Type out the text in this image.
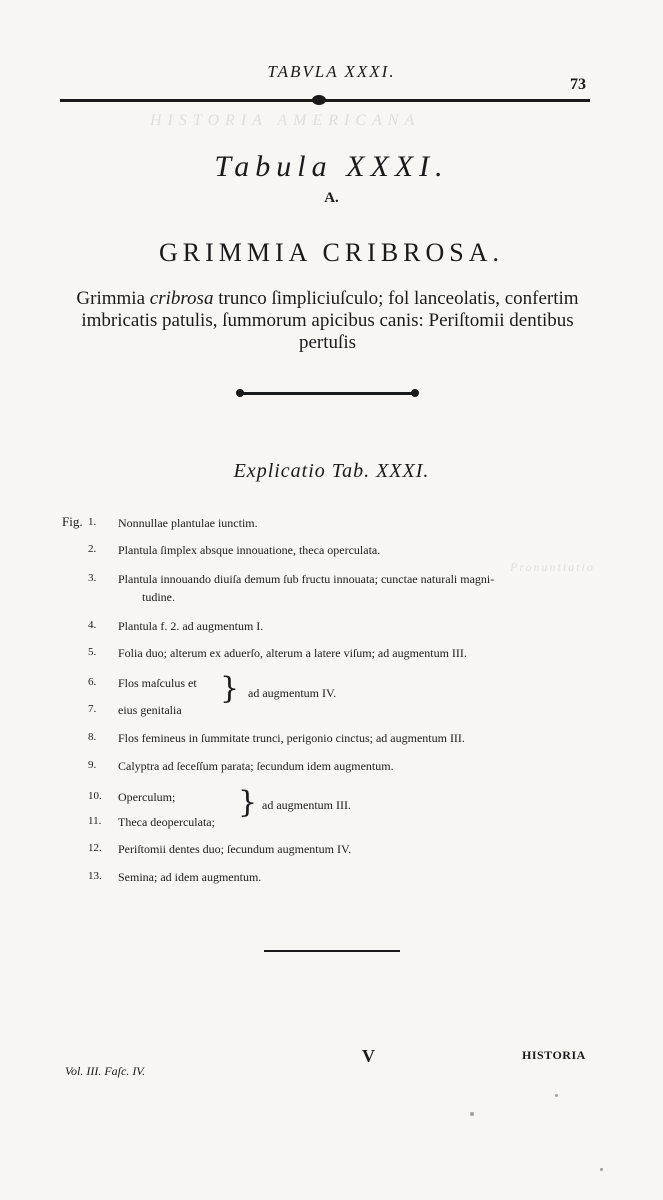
HISTORIA AMERICANA
Pronuntiatio
TABVLA XXXI.
73
Tabula XXXI.
A.
GRIMMIA CRIBROSA.
Grimmia cribrosa trunco ſimpliciuſculo; fol lanceolatis, confertim imbricatis patulis, ſummorum apicibus canis: Periſtomii dentibus pertuſis
Explicatio Tab. XXXI.
Fig. 1.	Nonnullae plantulae iunctim.
2.	Plantula ſimplex absque innouatione, theca operculata.
3.	Plantula innouando diuiſa demum ſub fructu innouata; cunctae naturali magni-
tudine.
4.	Plantula f. 2. ad augmentum I.
5.	Folia duo; alterum ex aduerſo, alterum a latere viſum; ad augmentum III.
6.	Flos maſculus et
7.	eius genitalia
} ad augmentum IV.
8.	Flos femineus in ſummitate trunci, perigonio cinctus; ad augmentum III.
9.	Calyptra ad ſeceſſum parata; ſecundum idem augmentum.
10.	Operculum;
11.	Theca deoperculata;
} ad augmentum III.
12.	Periſtomii dentes duo; ſecundum augmentum IV.
13.	Semina; ad idem augmentum.
Vol. III. Faſc. IV.
V	HISTORIA
